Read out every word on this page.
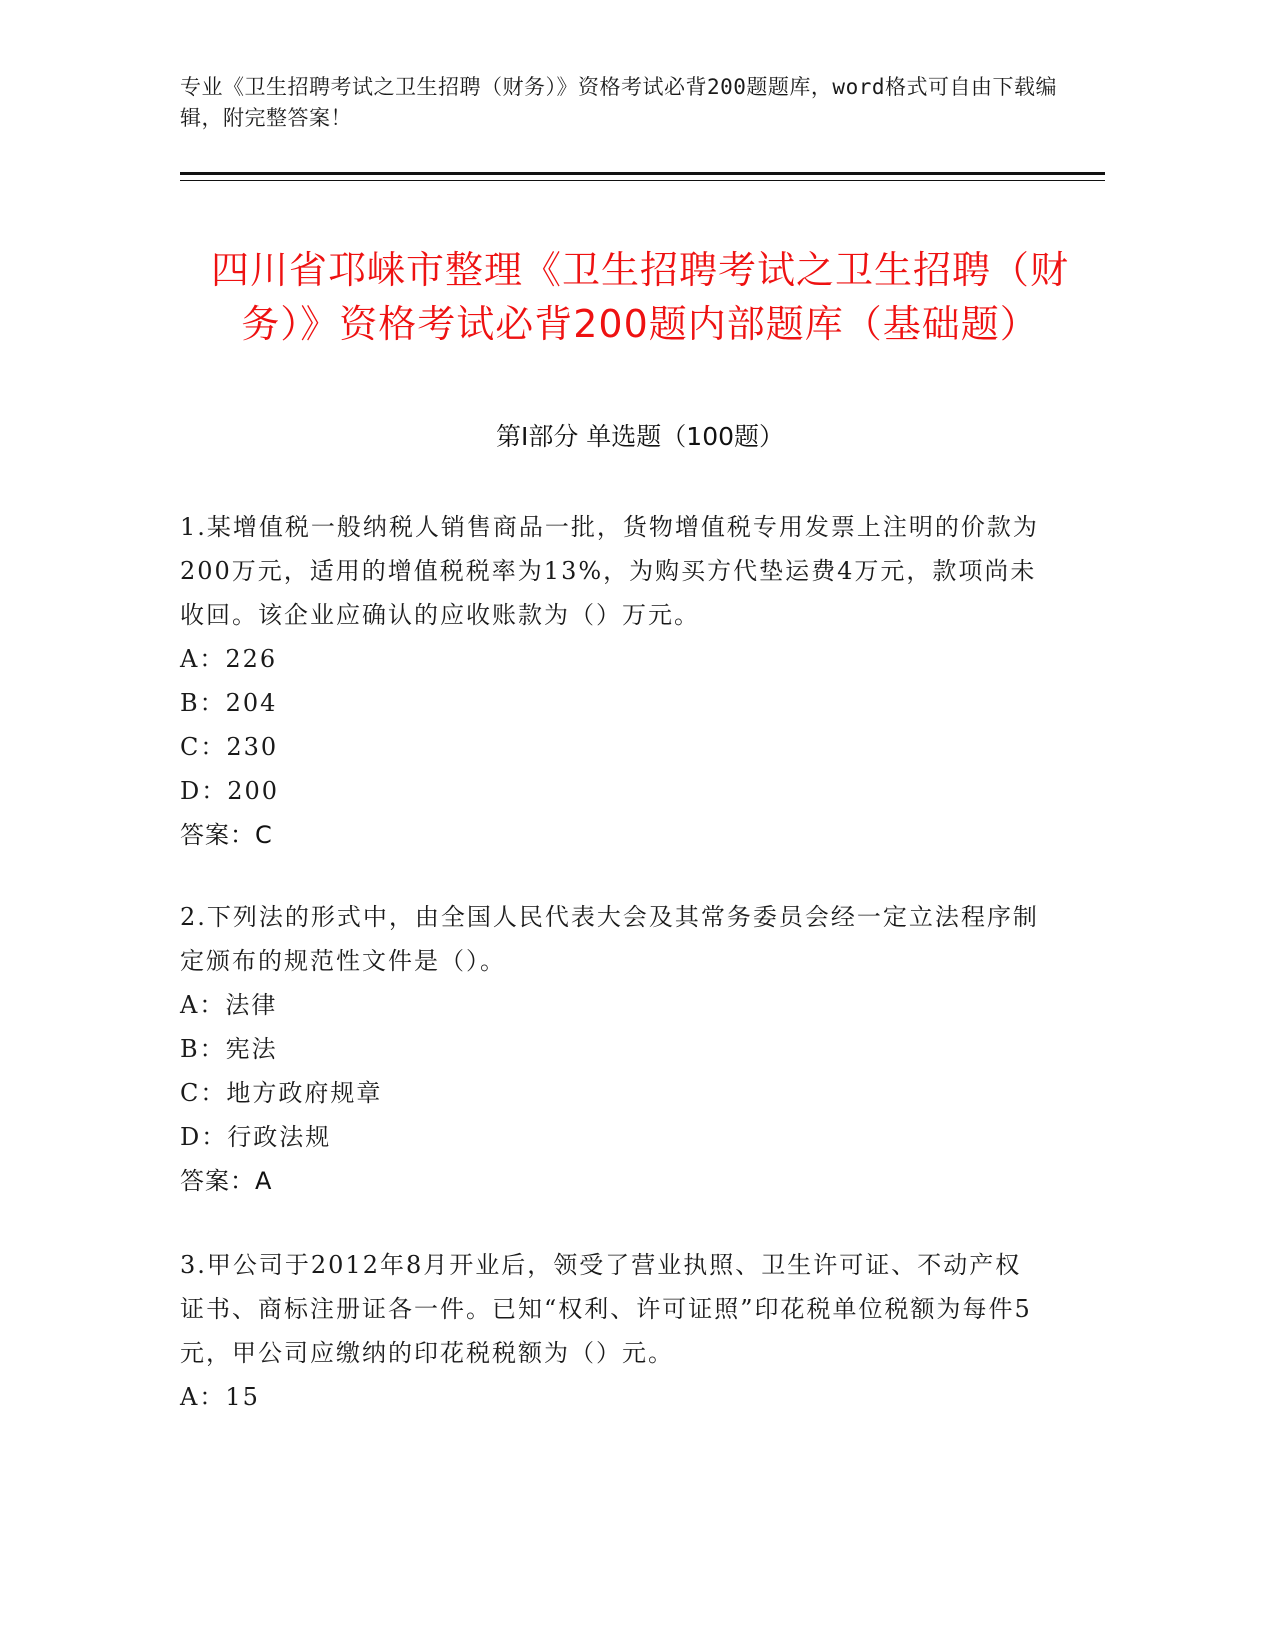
专业《卫生招聘考试之卫生招聘（财务）》资格考试必背200题题库，word格式可自由下载编辑，附完整答案！
四川省邛崃市整理《卫生招聘考试之卫生招聘（财务）》资格考试必背200题内部题库（基础题）
第Ⅰ部分 单选题（100题）

1.某增值税一般纳税人销售商品一批，货物增值税专用发票上注明的价款为200万元，适用的增值税税率为13%，为购买方代垫运费4万元，款项尚未收回。该企业应确认的应收账款为（）万元。

A：226

B：204

C：230

D：200

答案：C

2.下列法的形式中，由全国人民代表大会及其常务委员会经一定立法程序制定颁布的规范性文件是（）。

A：法律

B：宪法

C：地方政府规章

D：行政法规

答案：A

3.甲公司于2012年8月开业后，领受了营业执照、卫生许可证、不动产权证书、商标注册证各一件。已知“权利、许可证照”印花税单位税额为每件5元，甲公司应缴纳的印花税税额为（）元。

A：15
